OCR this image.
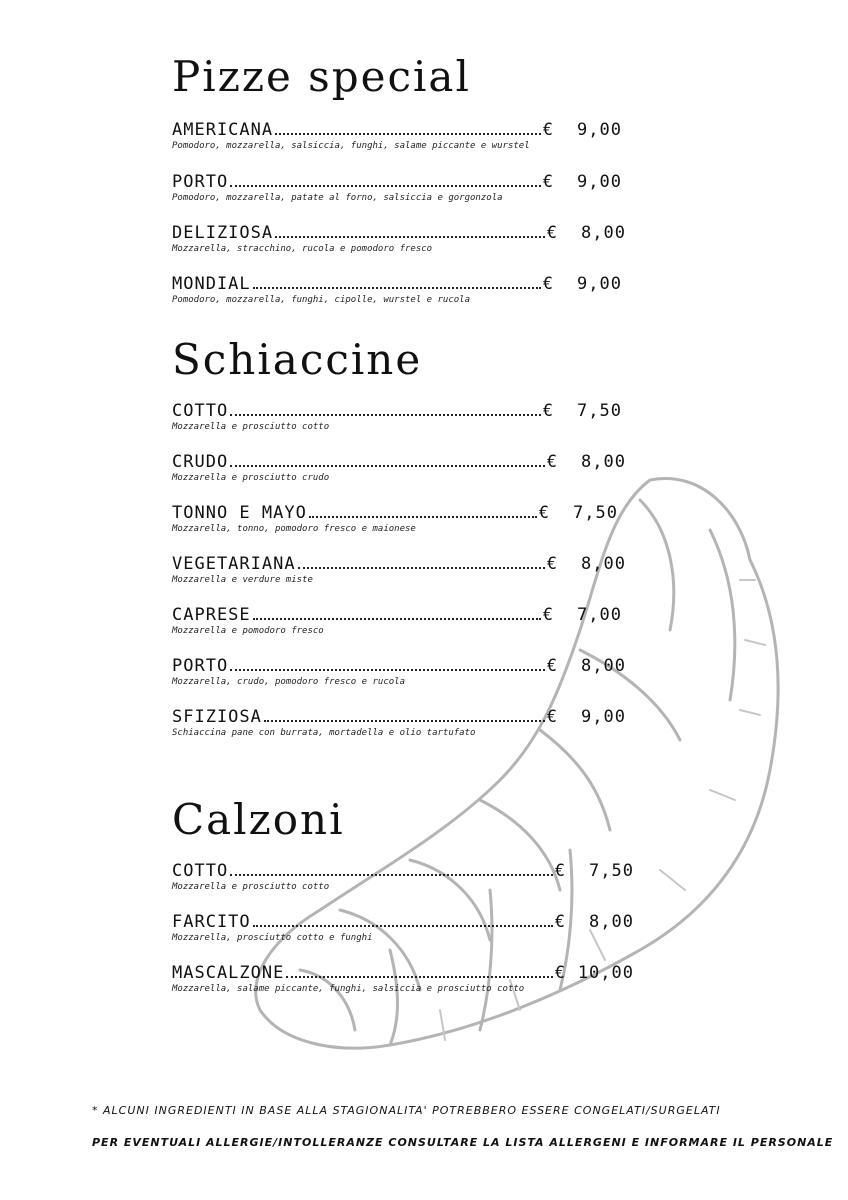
Pizze special
AMERICANA	€	9,00
Pomodoro, mozzarella, salsiccia, funghi, salame piccante e wurstel
PORTO	€	9,00
Pomodoro, mozzarella, patate al forno, salsiccia e gorgonzola
DELIZIOSA	€	8,00
Mozzarella, stracchino, rucola e pomodoro fresco
MONDIAL	€	9,00
Pomodoro, mozzarella, funghi, cipolle, wurstel e rucola
Schiaccine
COTTO	€	7,50
Mozzarella e prosciutto cotto
CRUDO	€	8,00
Mozzarella e prosciutto crudo
TONNO E MAYO	€	7,50
Mozzarella, tonno, pomodoro fresco e maionese
VEGETARIANA	€	8,00
Mozzarella e verdure miste
CAPRESE	€	7,00
Mozzarella e pomodoro fresco
PORTO	€	8,00
Mozzarella, crudo, pomodoro fresco e rucola
SFIZIOSA	€	9,00
Schiaccina pane con burrata, mortadella e olio tartufato
Calzoni
COTTO	€	7,50
Mozzarella e prosciutto cotto
FARCITO	€	8,00
Mozzarella, prosciutto cotto e funghi
MASCALZONE	€ 10,00
Mozzarella, salame piccante, funghi, salsiccia e prosciutto cotto

* ALCUNI INGREDIENTI IN BASE ALLA STAGIONALITA' POTREBBERO ESSERE CONGELATI/SURGELATI

PER EVENTUALI ALLERGIE/INTOLLERANZE CONSULTARE LA LISTA ALLERGENI E INFORMARE IL PERSONALE
